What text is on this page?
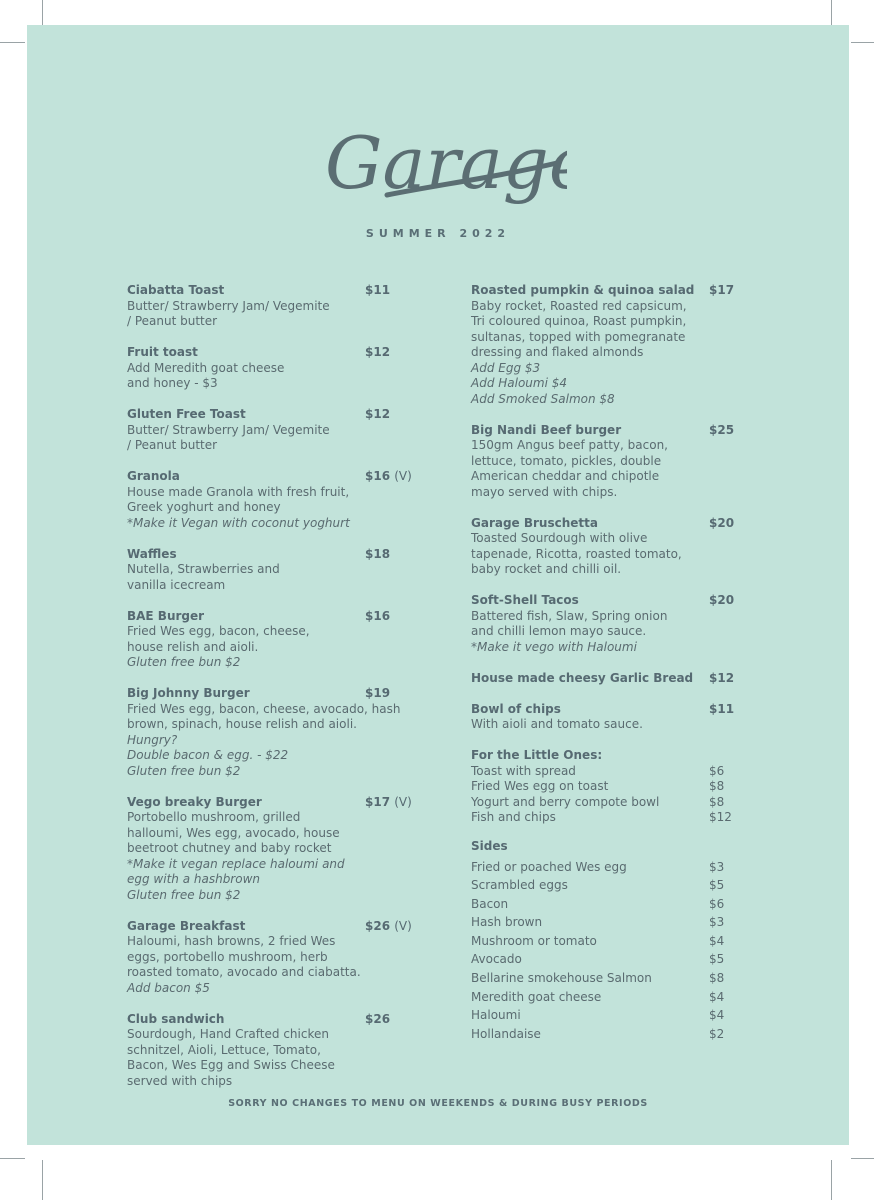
Garage
SUMMER 2022
Ciabatta Toast	$11
Butter/ Strawberry Jam/ Vegemite
/ Peanut butter
Fruit toast	$12
Add Meredith goat cheese
and honey - $3
Gluten Free Toast	$12
Butter/ Strawberry Jam/ Vegemite
/ Peanut butter
Granola	$16 (V)
House made Granola with fresh fruit,
Greek yoghurt and honey
*Make it Vegan with coconut yoghurt
Waffles	$18
Nutella, Strawberries and
vanilla icecream
BAE Burger	$16
Fried Wes egg, bacon, cheese,
house relish and aioli.
Gluten free bun $2
Big Johnny Burger	$19
Fried Wes egg, bacon, cheese, avocado, hash
brown, spinach, house relish and aioli.
Hungry?
Double bacon & egg. - $22
Gluten free bun $2
Vego breaky Burger	$17 (V)
Portobello mushroom, grilled
halloumi, Wes egg, avocado, house
beetroot chutney and baby rocket
*Make it vegan replace haloumi and
egg with a hashbrown
Gluten free bun $2
Garage Breakfast	$26 (V)
Haloumi, hash browns, 2 fried Wes
eggs, portobello mushroom, herb
roasted tomato, avocado and ciabatta.
Add bacon $5
Club sandwich	$26
Sourdough, Hand Crafted chicken
schnitzel, Aioli, Lettuce, Tomato,
Bacon, Wes Egg and Swiss Cheese
served with chips
Roasted pumpkin & quinoa salad $17
Baby rocket, Roasted red capsicum,
Tri coloured quinoa, Roast pumpkin,
sultanas, topped with pomegranate
dressing and flaked almonds
Add Egg $3
Add Haloumi $4
Add Smoked Salmon $8
Big Nandi Beef burger	$25
150gm Angus beef patty, bacon,
lettuce, tomato, pickles, double
American cheddar and chipotle
mayo served with chips.
Garage Bruschetta	$20
Toasted Sourdough with olive
tapenade, Ricotta, roasted tomato,
baby rocket and chilli oil.
Soft-Shell Tacos	$20
Battered fish, Slaw, Spring onion
and chilli lemon mayo sauce.
*Make it vego with Haloumi
House made cheesy Garlic Bread $12
Bowl of chips	$11
With aioli and tomato sauce.
For the Little Ones:
Toast with spread	$6
Fried Wes egg on toast	$8
Yogurt and berry compote bowl	$8
Fish and chips	$12
Sides
Fried or poached Wes egg	$3
Scrambled eggs	$5
Bacon	$6
Hash brown	$3
Mushroom or tomato	$4
Avocado	$5
Bellarine smokehouse Salmon	$8
Meredith goat cheese	$4
Haloumi	$4
Hollandaise	$2
SORRY NO CHANGES TO MENU ON WEEKENDS & DURING BUSY PERIODS
